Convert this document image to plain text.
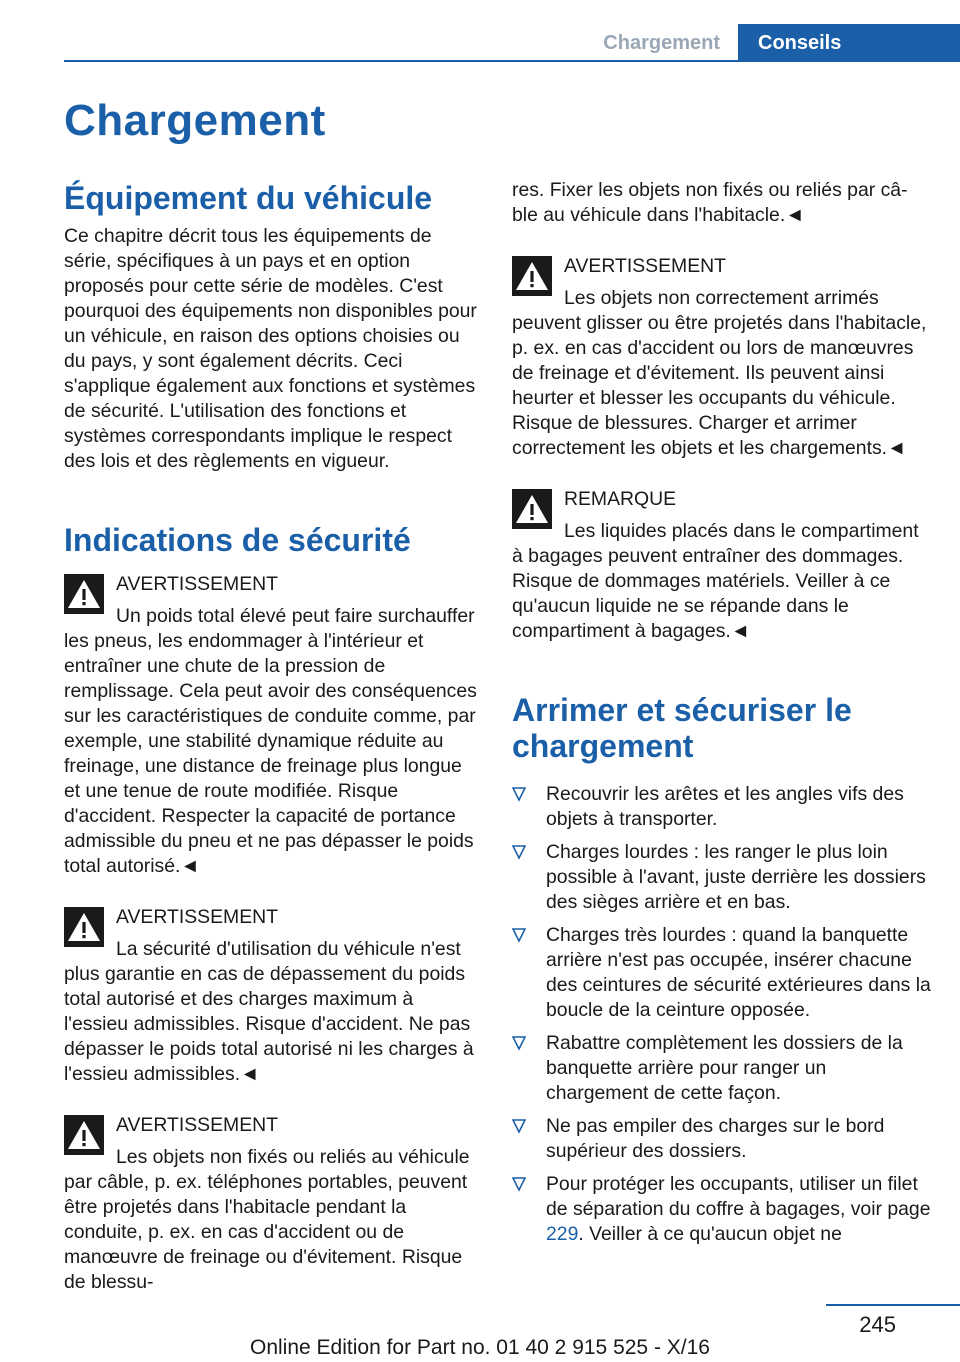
Chargement	Conseils
Chargement
Équipement du véhicule

Ce chapitre décrit tous les équipements de série, spécifiques à un pays et en option proposés pour cette série de modèles. C'est pourquoi des équipements non disponibles pour un véhicule, en raison des options choisies ou du pays, y sont également décrits. Ceci s'applique également aux fonctions et systèmes de sécurité. L'utilisation des fonctions et systèmes correspondants implique le respect des lois et des règlements en vigueur.

Indications de sécurité
AVERTISSEMENT
Un poids total élevé peut faire surchauffer les pneus, les endommager à l'intérieur et entraîner une chute de la pression de remplissage. Cela peut avoir des conséquences sur les caractéristiques de conduite comme, par exemple, une stabilité dynamique réduite au freinage, une distance de freinage plus longue et une tenue de route modifiée. Risque d'accident. Respecter la capacité de portance admissible du pneu et ne pas dépasser le poids total autorisé.◄
AVERTISSEMENT
La sécurité d'utilisation du véhicule n'est plus garantie en cas de dépassement du poids total autorisé et des charges maximum à l'essieu admissibles. Risque d'accident. Ne pas dépasser le poids total autorisé ni les charges à l'essieu admissibles.◄
AVERTISSEMENT
Les objets non fixés ou reliés au véhicule par câble, p. ex. téléphones portables, peuvent être projetés dans l'habitacle pendant la conduite, p. ex. en cas d'accident ou de manœuvre de freinage ou d'évitement. Risque de blessu-

res. Fixer les objets non fixés ou reliés par câ-

ble au véhicule dans l'habitacle.◄

AVERTISSEMENT
Les objets non correctement arrimés peuvent glisser ou être projetés dans l'habitacle, p. ex. en cas d'accident ou lors de manœuvres de freinage et d'évitement. Ils peuvent ainsi heurter et blesser les occupants du véhicule. Risque de blessures. Charger et arrimer correctement les objets et les chargements.◄
REMARQUE
Les liquides placés dans le compartiment à bagages peuvent entraîner des dommages. Risque de dommages matériels. Veiller à ce qu'aucun liquide ne se répande dans le compartiment à bagages.◄
Arrimer et sécuriser le chargement
Recouvrir les arêtes et les angles vifs des objets à transporter.
Charges lourdes : les ranger le plus loin possible à l'avant, juste derrière les dossiers des sièges arrière et en bas.
Charges très lourdes : quand la banquette arrière n'est pas occupée, insérer chacune des ceintures de sécurité extérieures dans la boucle de la ceinture opposée.
Rabattre complètement les dossiers de la banquette arrière pour ranger un chargement de cette façon.
Ne pas empiler des charges sur le bord supérieur des dossiers.
Pour protéger les occupants, utiliser un filet de séparation du coffre à bagages, voir page 229. Veiller à ce qu'aucun objet ne
245
Online Edition for Part no. 01 40 2 915 525 - X/16
